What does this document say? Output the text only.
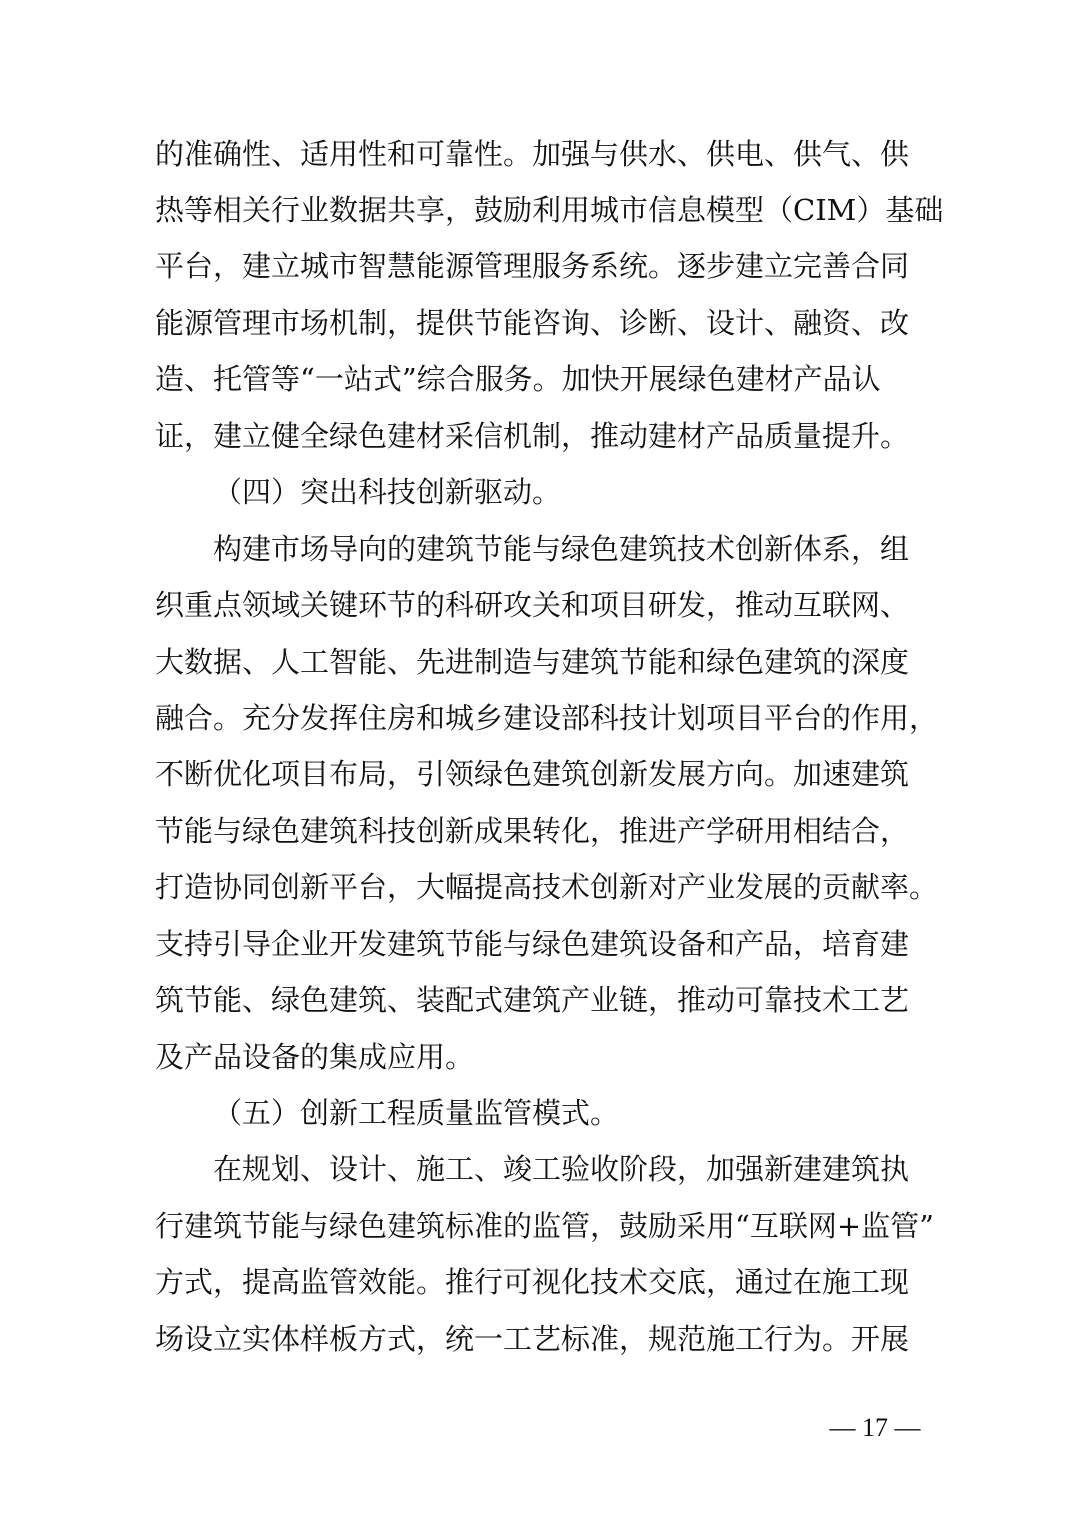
的准确性、适用性和可靠性。加强与供水、供电、供气、供
热等相关行业数据共享，鼓励利用城市信息模型（CIM）基础
平台，建立城市智慧能源管理服务系统。逐步建立完善合同
能源管理市场机制，提供节能咨询、诊断、设计、融资、改
造、托管等“一站式”综合服务。加快开展绿色建材产品认
证，建立健全绿色建材采信机制，推动建材产品质量提升。
（四）突出科技创新驱动。
构建市场导向的建筑节能与绿色建筑技术创新体系，组
织重点领域关键环节的科研攻关和项目研发，推动互联网、
大数据、人工智能、先进制造与建筑节能和绿色建筑的深度
融合。充分发挥住房和城乡建设部科技计划项目平台的作用，
不断优化项目布局，引领绿色建筑创新发展方向。加速建筑
节能与绿色建筑科技创新成果转化，推进产学研用相结合，
打造协同创新平台，大幅提高技术创新对产业发展的贡献率。
支持引导企业开发建筑节能与绿色建筑设备和产品，培育建
筑节能、绿色建筑、装配式建筑产业链，推动可靠技术工艺
及产品设备的集成应用。
（五）创新工程质量监管模式。
在规划、设计、施工、竣工验收阶段，加强新建建筑执
行建筑节能与绿色建筑标准的监管，鼓励采用“互联网+监管”
方式，提高监管效能。推行可视化技术交底，通过在施工现
场设立实体样板方式，统一工艺标准，规范施工行为。开展
— 17 —
